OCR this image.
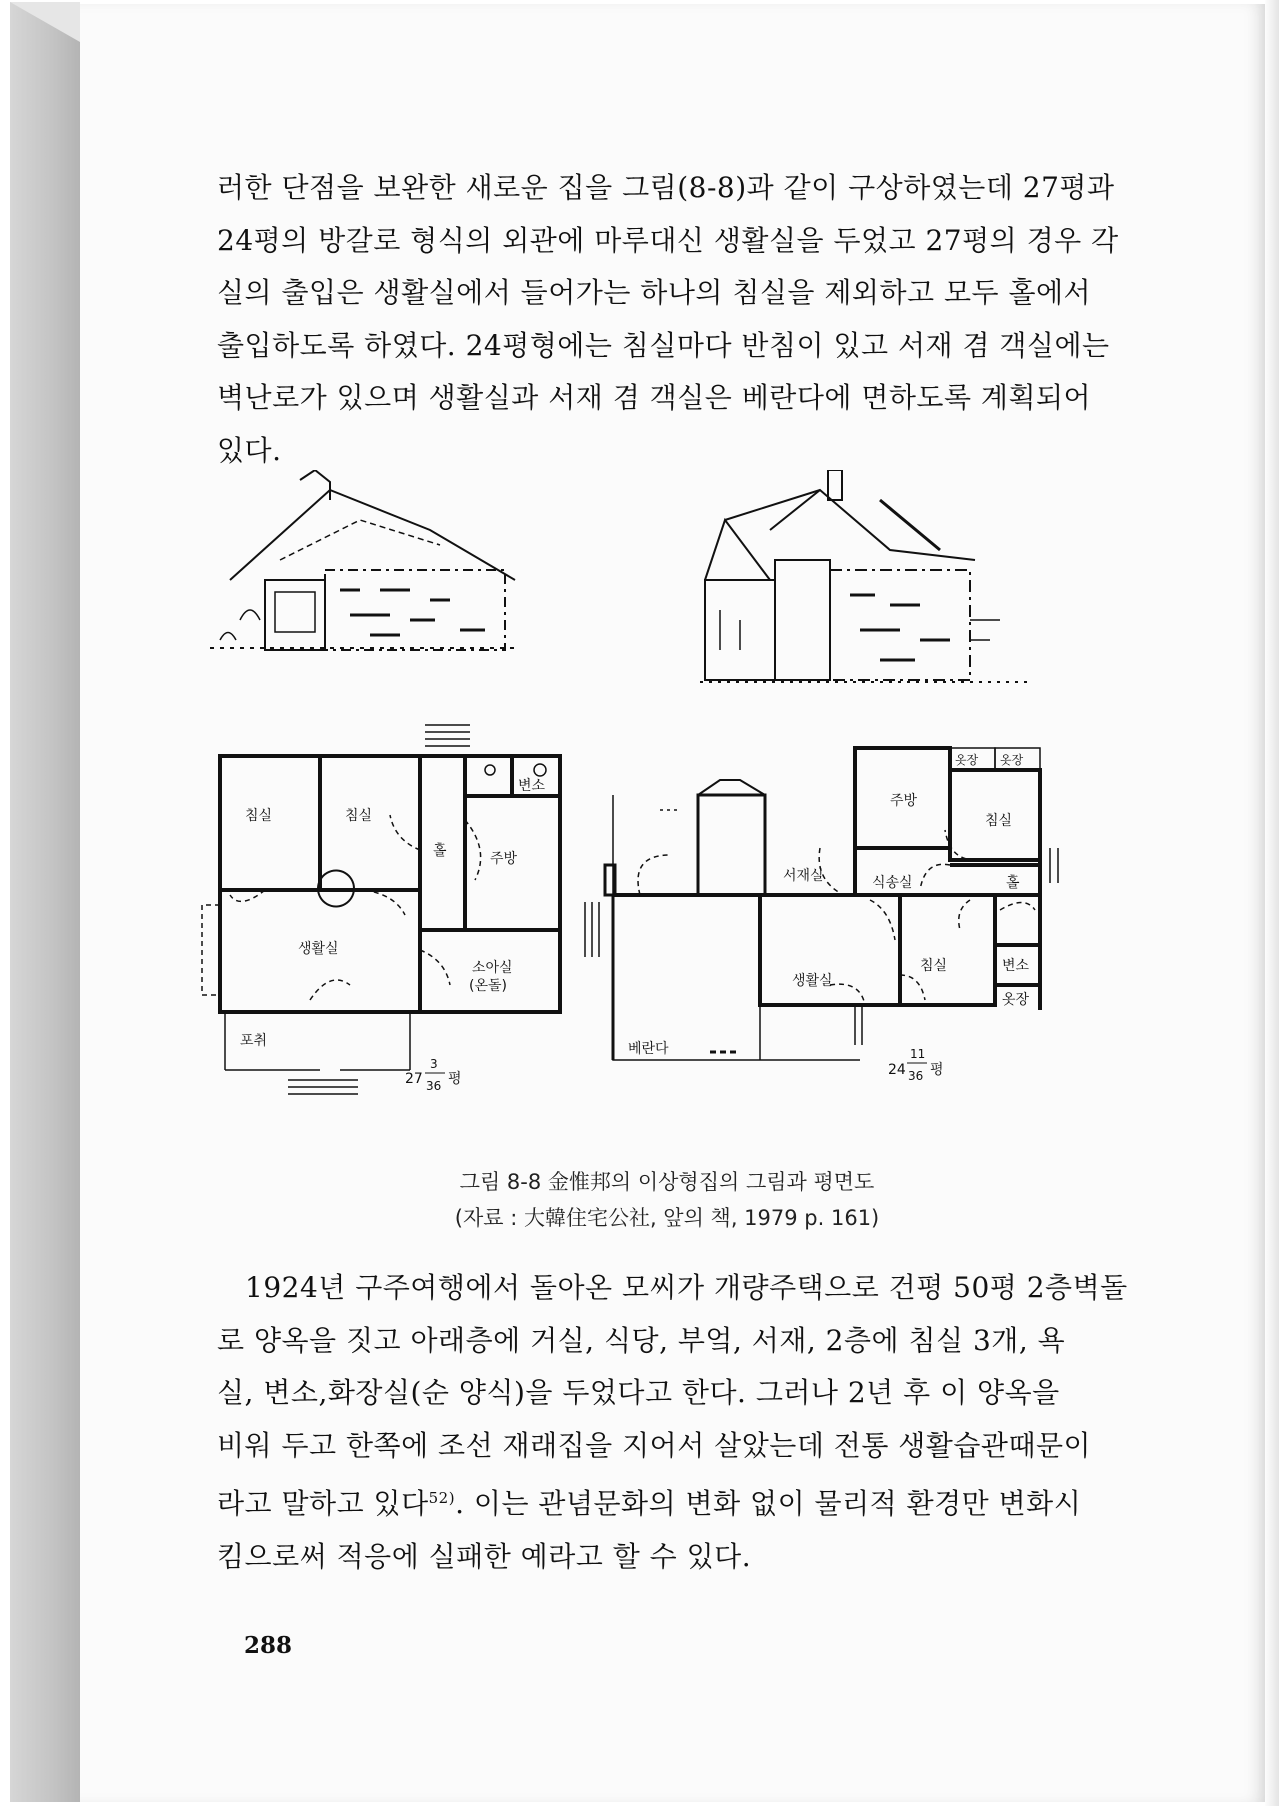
러한 단점을 보완한 새로운 집을 그림(8-8)과 같이 구상하였는데 27평과
24평의 방갈로 형식의 외관에 마루대신 생활실을 두었고 27평의 경우 각
실의 출입은 생활실에서 들어가는 하나의 침실을 제외하고 모두 홀에서
출입하도록 하였다. 24평형에는 침실마다 반침이 있고 서재 겸 객실에는
벽난로가 있으며 생활실과 서재 겸 객실은 베란다에 면하도록 계획되어
있다.
침실	침실
홀
변소
주방
생활실
소아실
(온돌)
포취
27
3
36 평
옷장 옷장
주방
침실
서재실	식송실	홀
변소
생활실
침실
옷장
베란다
24
11
36 평
그림 8-8 金惟邦의 이상형집의 그림과 평면도
(자료 : 大韓住宅公社, 앞의 책, 1979 p. 161)
1924년 구주여행에서 돌아온 모씨가 개량주택으로 건평 50평 2층벽돌
로 양옥을 짓고 아래층에 거실, 식당, 부엌, 서재, 2층에 침실 3개, 욕
실, 변소,화장실(순 양식)을 두었다고 한다. 그러나 2년 후 이 양옥을
비워 두고 한쪽에 조선 재래집을 지어서 살았는데 전통 생활습관때문이
라고 말하고 있다$^{52)}$. 이는 관념문화의 변화 없이 물리적 환경만 변화시
킴으로써 적응에 실패한 예라고 할 수 있다.
288
